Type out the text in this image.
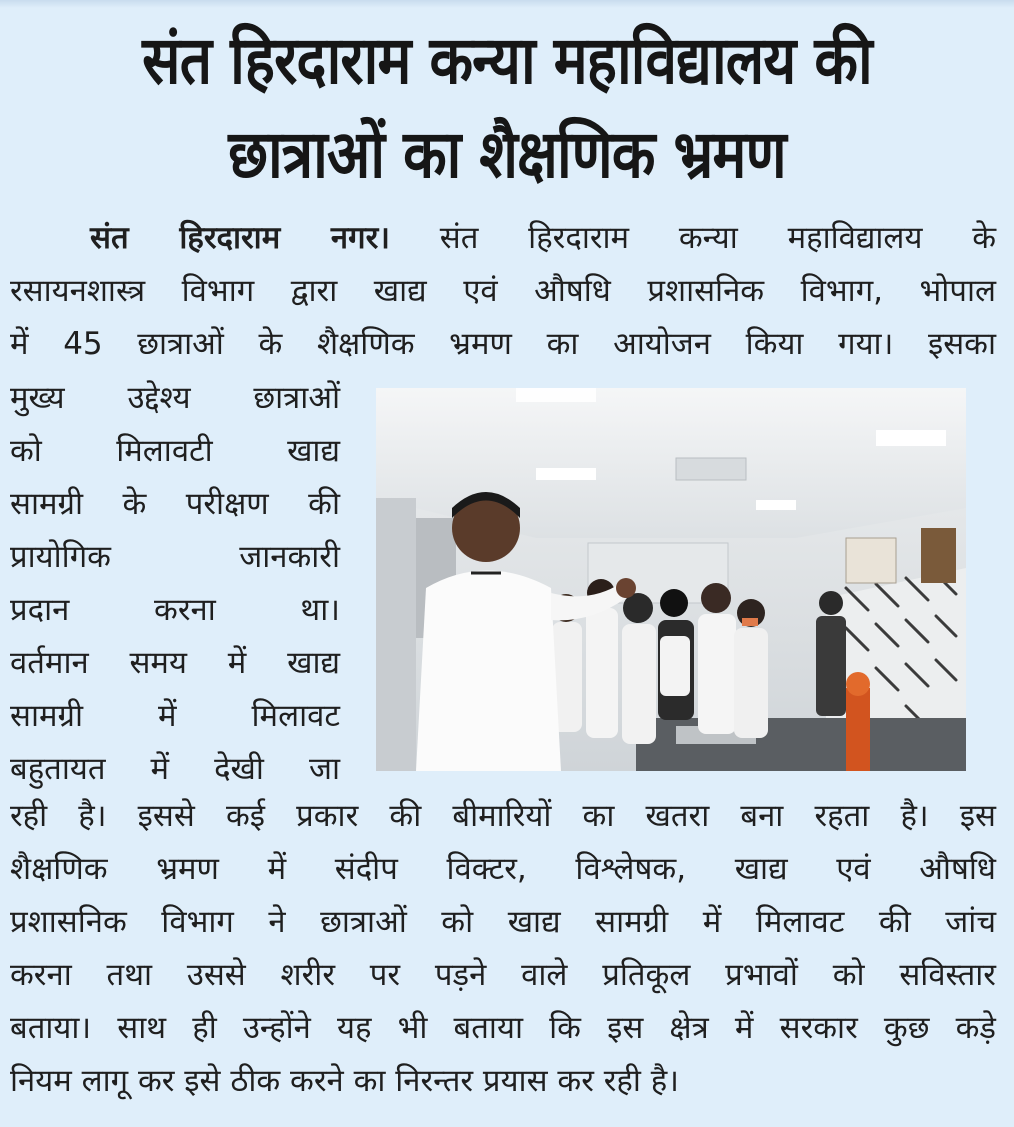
संत हिरदाराम कन्या महाविद्यालय की
छात्राओं का शैक्षणिक भ्रमण
संत हिरदाराम नगर। संत हिरदाराम कन्या महाविद्यालय के
रसायनशास्त्र विभाग द्वारा खाद्य एवं औषधि प्रशासनिक विभाग, भोपाल
में 45 छात्राओं के शैक्षणिक भ्रमण का आयोजन किया गया। इसका
मुख्य उद्देश्य छात्राओं
को मिलावटी खाद्य
सामग्री के परीक्षण की
प्रायोगिक जानकारी
प्रदान करना था।
वर्तमान समय में खाद्य
सामग्री में मिलावट
बहुतायत में देखी जा
रही है। इससे कई प्रकार की बीमारियों का खतरा बना रहता है। इस
शैक्षणिक भ्रमण में संदीप विक्टर, विश्लेषक, खाद्य एवं औषधि
प्रशासनिक विभाग ने छात्राओं को खाद्य सामग्री में मिलावट की जांच
करना तथा उससे शरीर पर पड़ने वाले प्रतिकूल प्रभावों को सविस्तार
बताया। साथ ही उन्होंने यह भी बताया कि इस क्षेत्र में सरकार कुछ कड़े
नियम लागू कर इसे ठीक करने का निरन्तर प्रयास कर रही है।
